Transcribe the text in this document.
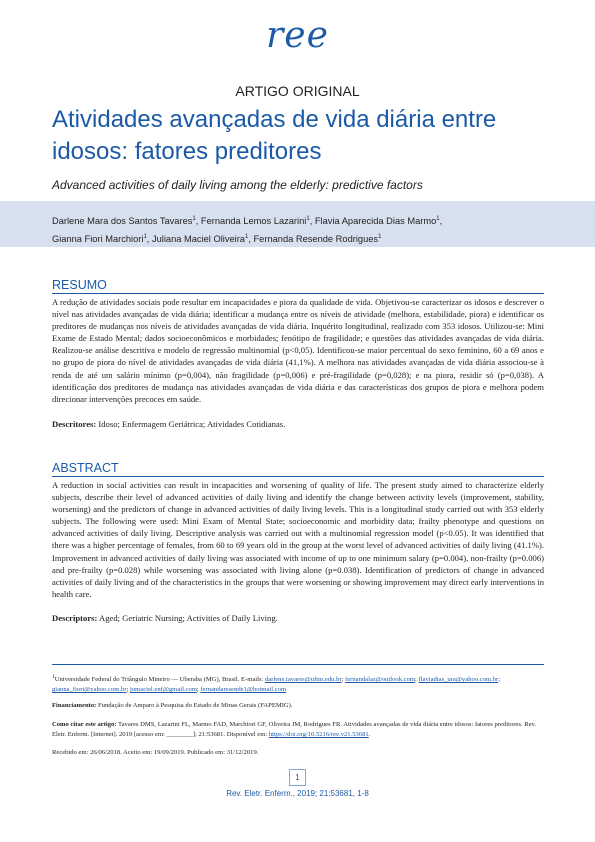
ree
ARTIGO ORIGINAL
Atividades avançadas de vida diária entre idosos: fatores preditores
Advanced activities of daily living among the elderly: predictive factors
Darlene Mara dos Santos Tavares$^1$, Fernanda Lemos Lazarini$^1$, Flavia Aparecida Dias Marmo$^1$,
Gianna Fiori Marchiori$^1$, Juliana Maciel Oliveira$^1$, Fernanda Resende Rodrigues$^1$
RESUMO
A redução de atividades sociais pode resultar em incapacidades e piora da qualidade de vida. Objetivou-se caracterizar os idosos e descrever o nível nas atividades avançadas de vida diária; identificar a mudança entre os níveis de atividade (melhora, estabilidade, piora) e identificar os preditores de mudanças nos níveis de atividades avançadas de vida diária. Inquérito longitudinal, realizado com 353 idosos. Utilizou-se: Mini Exame de Estado Mental; dados socioeconômicos e morbidades; fenótipo de fragilidade; e questões das atividades avançadas de vida diária. Realizou-se análise descritiva e modelo de regressão multinomial (p<0,05). Identificou-se maior percentual do sexo feminino, 60 a 69 anos e no grupo de piora do nível de atividades avançadas de vida diária (41,1%). A melhora nas atividades avançadas de vida diária associou-se à renda de até um salário mínimo (p=0,004), não fragilidade (p=0,006) e pré-fragilidade (p=0,028); e na piora, residir só (p=0,038). A identificação dos preditores de mudança nas atividades avançadas de vida diária e das características dos grupos de piora e melhora podem direcionar intervenções precoces em saúde.
Descritores: Idoso; Enfermagem Geriátrica; Atividades Cotidianas.
ABSTRACT
A reduction in social activities can result in incapacities and worsening of quality of life. The present study aimed to characterize elderly subjects, describe their level of advanced activities of daily living and identify the change between activity levels (improvement, stability, worsening) and the predictors of change in advanced activities of daily living levels. This is a longitudinal study carried out with 353 elderly subjects. The following were used: Mini Exam of Mental State; socioeconomic and morbidity data; frailty phenotype and questions on advanced activities of daily living. Descriptive analysis was carried out with a multinomial regression model (p<0.05). It was identified that there was a higher percentage of females, from 60 to 69 years old in the group at the worst level of advanced activities of daily living (41.1%). Improvement in advanced activities of daily living was associated with income of up to one minimum salary (p=0.004), non-frailty (p=0.006) and pre-frailty (p=0.028) while worsening was associated with living alone (p=0.038). Identification of predictors of change in advanced activities of daily living and of the characteristics in the groups that were worsening or showing improvement may direct early interventions in health care.
Descriptors: Aged; Geriatric Nursing; Activities of Daily Living.
$^1$Universidade Federal do Triângulo Mineiro — Uberaba (MG), Brasil. E-mails: darlene.tavares@uftm.edu.br; fernandalaz@outlook.com; flaviadias_ura@yahoo.com.br; gianna_fiori@yahoo.com.br; jumaciel.enf@gmail.com; fernandaresende1@hotmail.com
Financiamento: Fundação de Amparo à Pesquisa do Estado de Minas Gerais (FAPEMIG).
Como citar este artigo: Tavares DMS, Lazarini FL, Marmo FAD, Marchiori GF, Oliveira JM, Rodrigues FR. Atividades avançadas de vida diária entre idosos: fatores preditores. Rev. Eletr. Enferm. [Internet]. 2019 [acesso em: ________]; 21:53681. Disponível em: https://doi.org/10.5216/ree.v21.53681.
Recebido em: 26/06/2018. Aceito em: 19/09/2019. Publicado em: 31/12/2019.
1
Rev. Eletr. Enferm., 2019; 21:53681, 1-8
